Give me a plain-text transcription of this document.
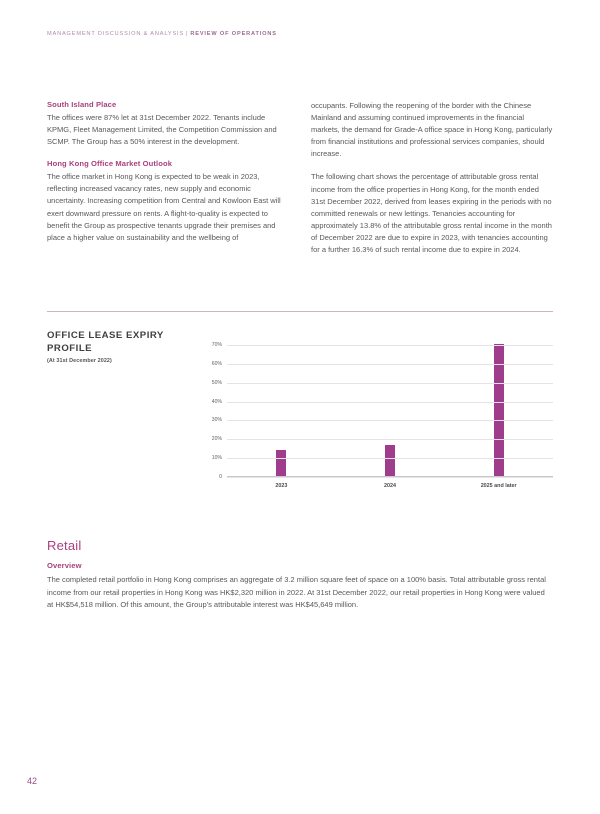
MANAGEMENT DISCUSSION & ANALYSIS | REVIEW OF OPERATIONS
South Island Place

The offices were 87% let at 31st December 2022. Tenants include KPMG, Fleet Management Limited, the Competition Commission and SCMP. The Group has a 50% interest in the development.

Hong Kong Office Market Outlook

The office market in Hong Kong is expected to be weak in 2023, reflecting increased vacancy rates, new supply and economic uncertainty. Increasing competition from Central and Kowloon East will exert downward pressure on rents. A flight-to-quality is expected to benefit the Group as prospective tenants upgrade their premises and place a higher value on sustainability and the wellbeing of

occupants. Following the reopening of the border with the Chinese Mainland and assuming continued improvements in the financial markets, the demand for Grade-A office space in Hong Kong, particularly from financial institutions and professional services companies, should increase.

The following chart shows the percentage of attributable gross rental income from the office properties in Hong Kong, for the month ended 31st December 2022, derived from leases expiring in the periods with no committed renewals or new lettings. Tenancies accounting for approximately 13.8% of the attributable gross rental income in the month of December 2022 are due to expire in 2023, with tenancies accounting for a further 16.3% of such rental income due to expire in 2024.

OFFICE LEASE EXPIRY PROFILE
(At 31st December 2022)
0
10%
20%
30%
40%
50%
60%
70%
2023	2024	2025 and later
Retail
Overview

The completed retail portfolio in Hong Kong comprises an aggregate of 3.2 million square feet of space on a 100% basis. Total attributable gross rental income from our retail properties in Hong Kong was HK$2,320 million in 2022. At 31st December 2022, our retail properties in Hong Kong were valued at HK$54,518 million. Of this amount, the Group's attributable interest was HK$45,649 million.

42
